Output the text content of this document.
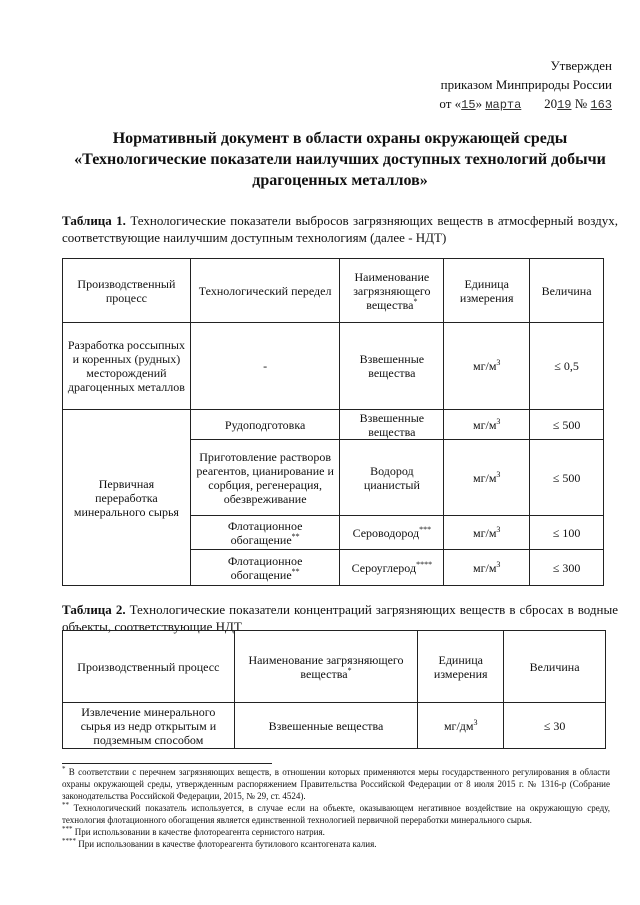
Утвержден
приказом Минприроды России
от «15» марта 2019 № 163
Нормативный документ в области охраны окружающей среды
«Технологические показатели наилучших доступных технологий добычи
драгоценных металлов»
Таблица 1. Технологические показатели выбросов загрязняющих веществ в атмосферный воздух, соответствующие наилучшим доступным технологиям (далее - НДТ)
Производственный процесс	Технологический передел	Наименование загрязняющего вещества*	Единица измерения	Величина
Разработка россыпных и коренных (рудных) месторождений драгоценных металлов	-	Взвешенные вещества	$мг/м^3$	≤ 0,5
Первичная переработка минерального сырья	Рудоподготовка	Взвешенные вещества	$мг/м^3$	≤ 500
	Приготовление растворов реагентов, цианирование и сорбция, регенерация, обезвреживание	Водород цианистый	$мг/м^3$	≤ 500
	Флотационное обогащение**	Сероводород***	$мг/м^3$	≤ 100
	Флотационное обогащение**	Сероуглерод****	$мг/м^3$	≤ 300
Таблица 2. Технологические показатели концентраций загрязняющих веществ в сбросах в водные объекты, соответствующие НДТ
Производственный процесс	Наименование загрязняющего вещества*	Единица измерения	Величина
Извлечение минерального сырья из недр открытым и подземным способом	Взвешенные вещества	$мг/дм^3$	≤ 30

* В соответствии с перечнем загрязняющих веществ, в отношении которых применяются меры государственного регулирования в области охраны окружающей среды, утвержденным распоряжением Правительства Российской Федерации от 8 июля 2015 г. № 1316-р (Собрание законодательства Российской Федерации, 2015, № 29, ст. 4524).

** Технологический показатель используется, в случае если на объекте, оказывающем негативное воздействие на окружающую среду, технология флотационного обогащения является единственной технологией первичной переработки минерального сырья.

*** При использовании в качестве флотореагента сернистого натрия.

**** При использовании в качестве флотореагента бутилового ксантогената калия.
